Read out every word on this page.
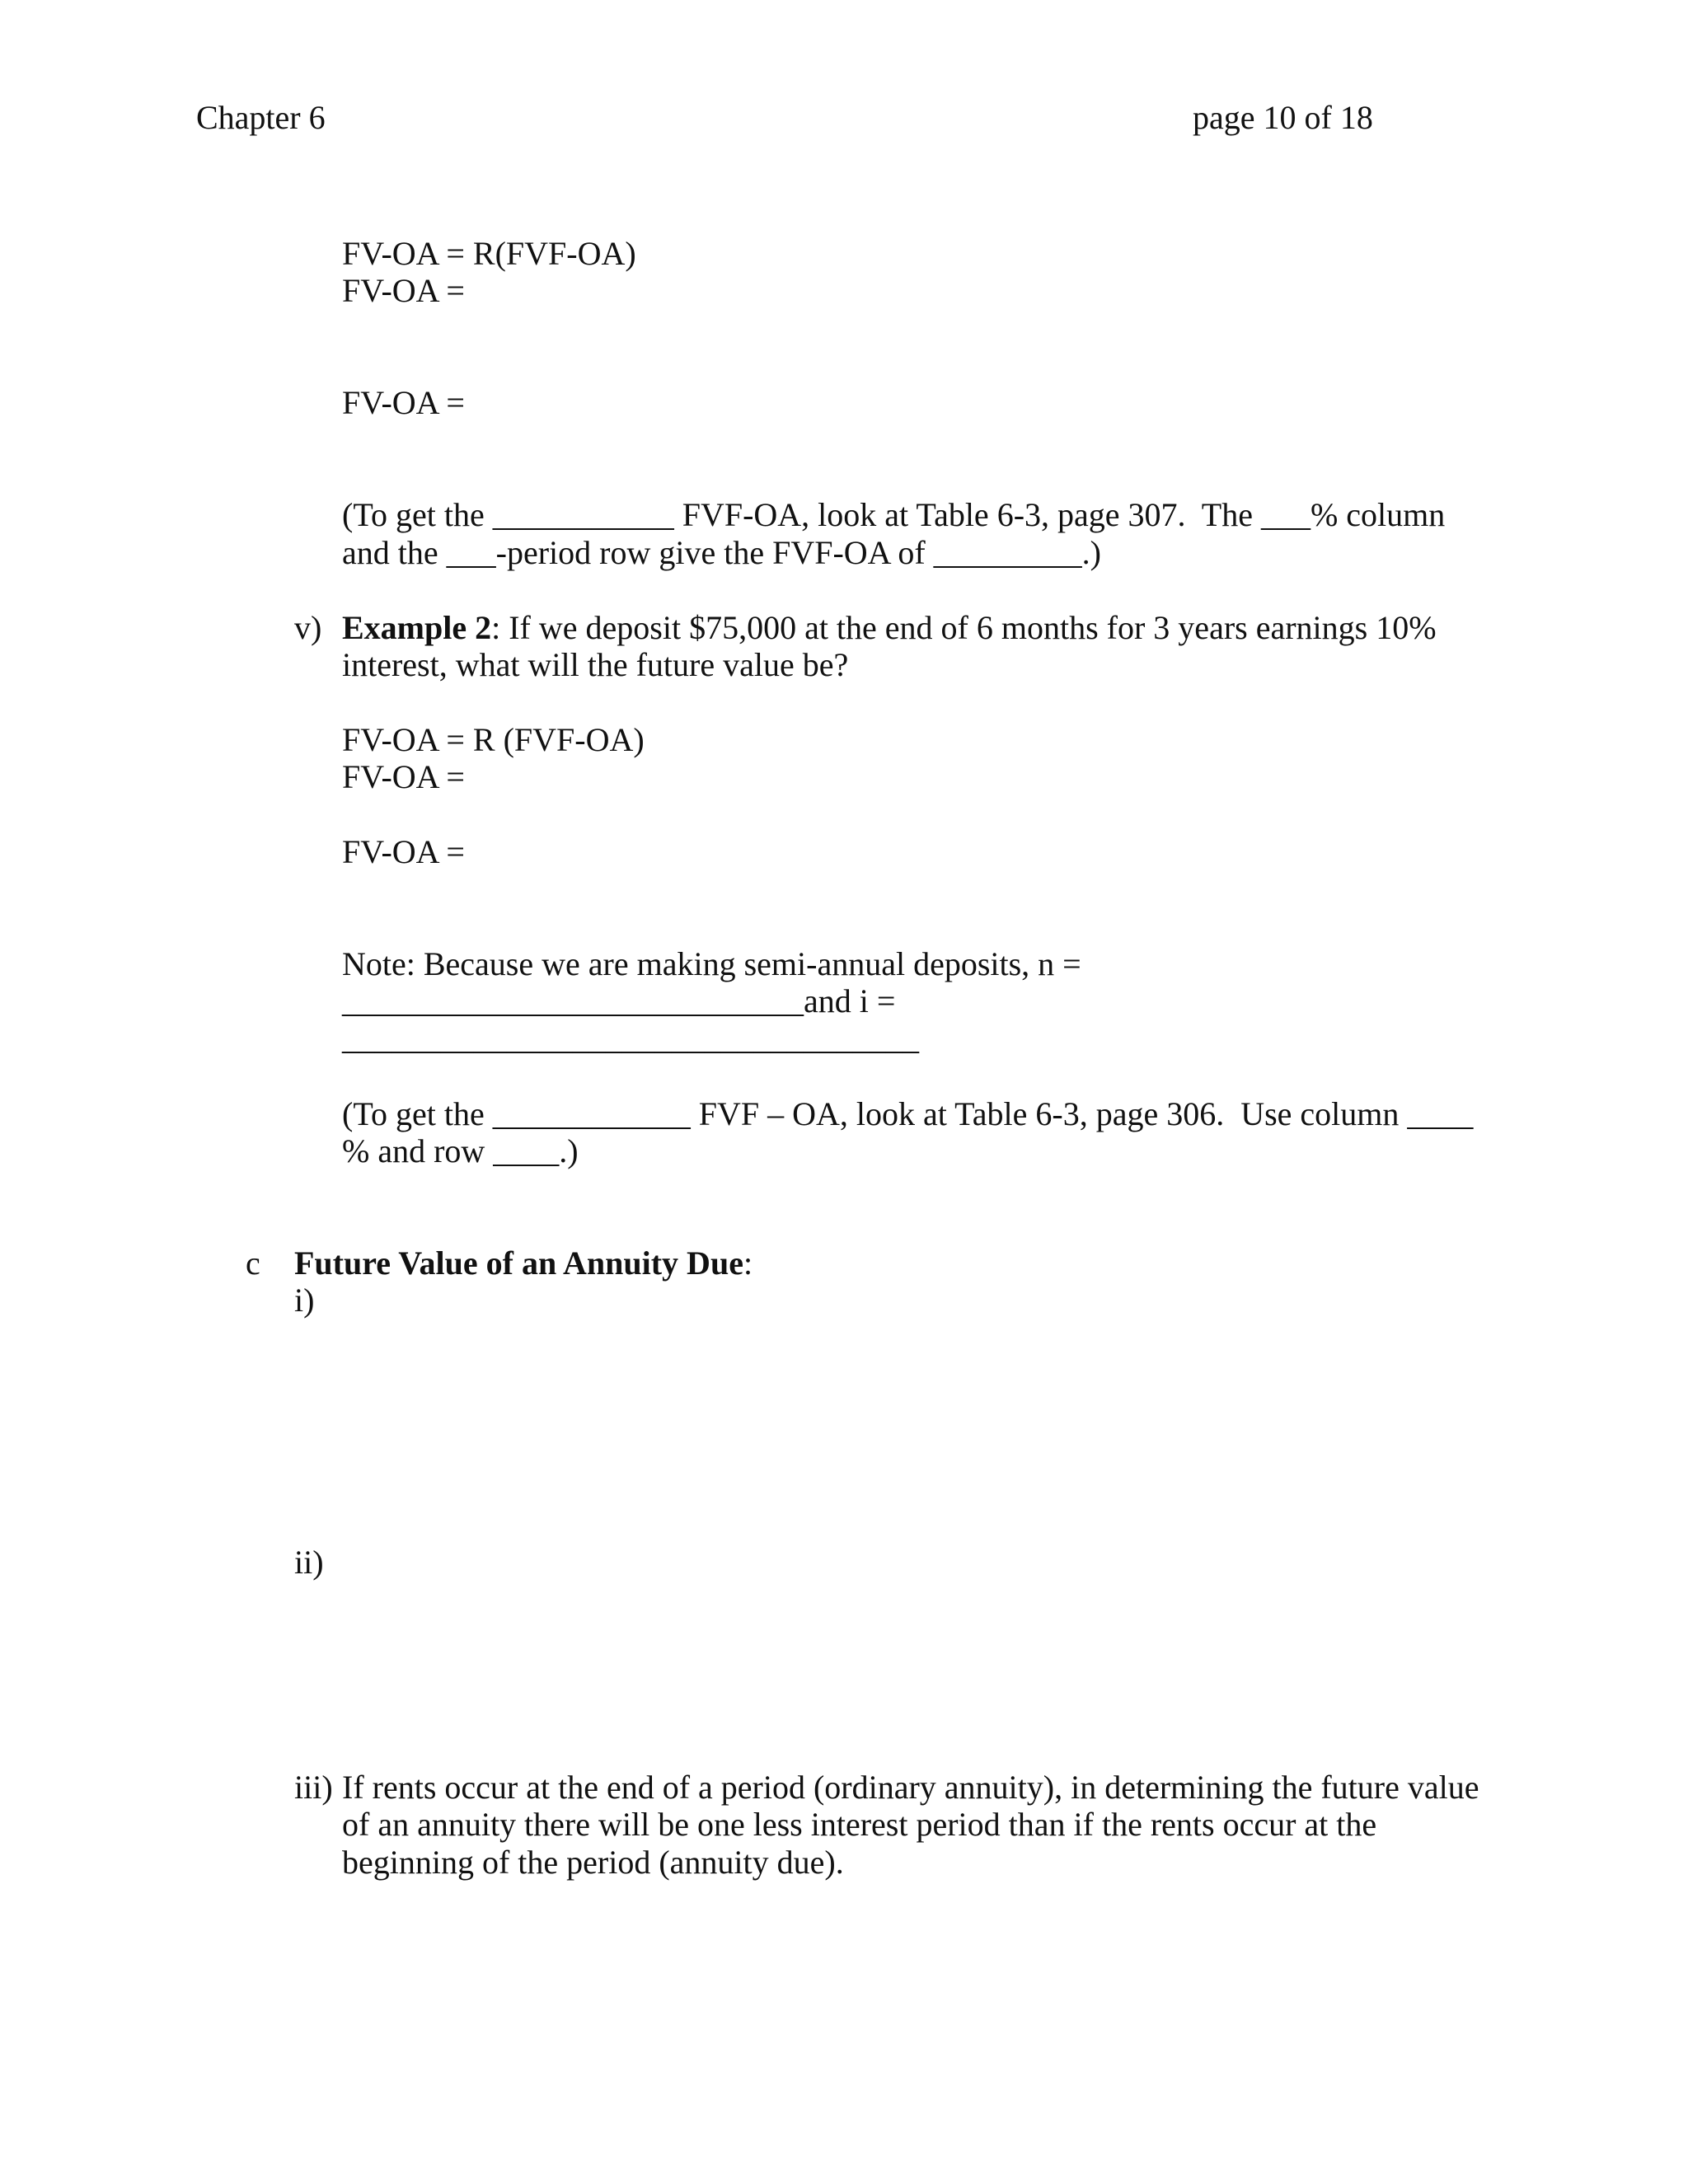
Chapter 6	page 10 of 18
FV-OA = R(FVF-OA)
FV-OA =
FV-OA =
(To get the ___________ FVF-OA, look at Table 6-3, page 307.  The ___% column
and the ___-period row give the FVF-OA of _________.)
v) Example 2: If we deposit $75,000 at the end of 6 months for 3 years earnings 10%
interest, what will the future value be?
FV-OA = R (FVF-OA)
FV-OA =
FV-OA =
Note: Because we are making semi-annual deposits, n =
____________________________and i =
___________________________________
(To get the ____________ FVF – OA, look at Table 6-3, page 306.  Use column ____
% and row ____.)
c Future Value of an Annuity Due:
i)
ii)
iii) If rents occur at the end of a period (ordinary annuity), in determining the future value
of an annuity there will be one less interest period than if the rents occur at the
beginning of the period (annuity due).
